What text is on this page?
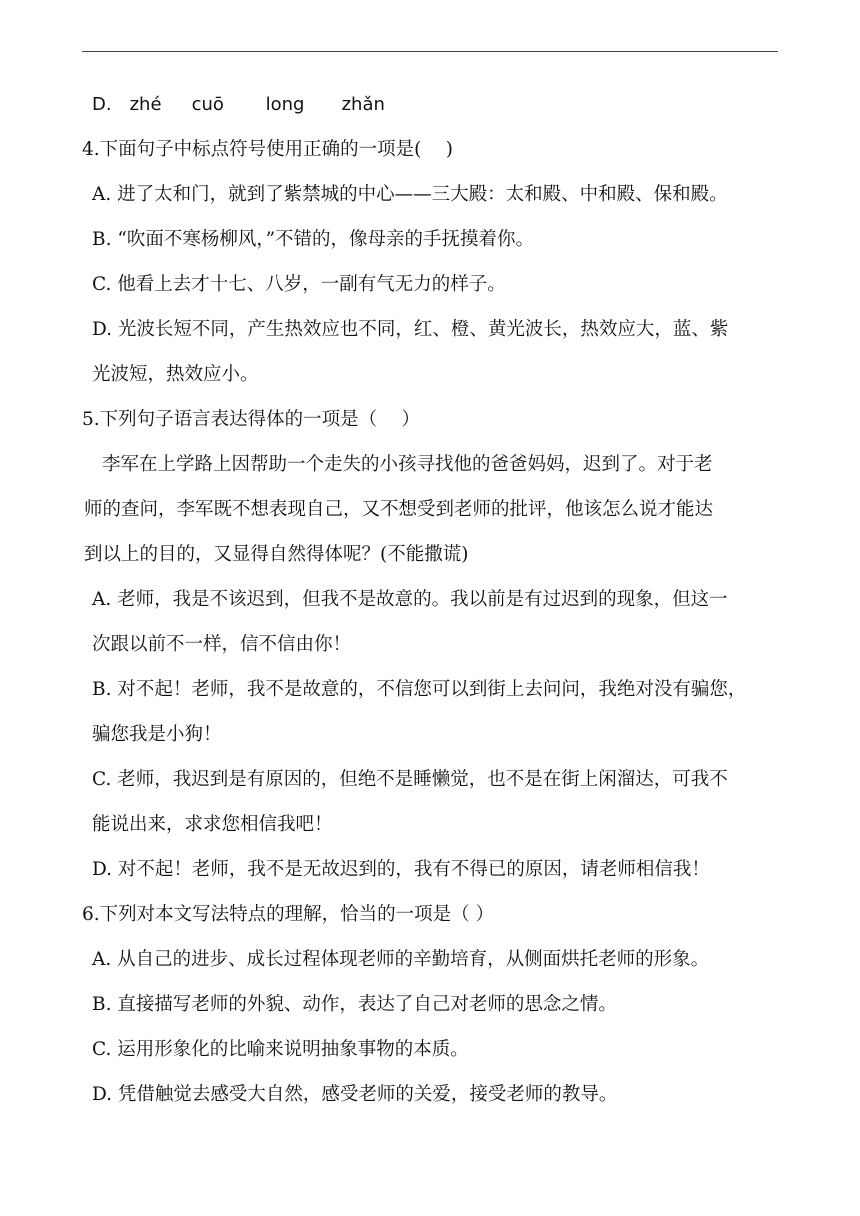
D. zhé	cuō	long	zhǎn
4.下面句子中标点符号使用正确的一项是(　 )
A. 进了太和门，就到了紫禁城的中心——三大殿：太和殿、中和殿、保和殿。
B. “吹面不寒杨柳风，”不错的，像母亲的手抚摸着你。
C. 他看上去才十七、八岁，一副有气无力的样子。
D. 光波长短不同，产生热效应也不同，红、橙、黄光波长，热效应大，蓝、紫
光波短，热效应小。
5.下列句子语言表达得体的一项是（　 ）
李军在上学路上因帮助一个走失的小孩寻找他的爸爸妈妈，迟到了。对于老
师的查问，李军既不想表现自己，又不想受到老师的批评，他该怎么说才能达
到以上的目的，又显得自然得体呢？(不能撒谎)
A. 老师，我是不该迟到，但我不是故意的。我以前是有过迟到的现象，但这一
次跟以前不一样，信不信由你！
B. 对不起！老师，我不是故意的，不信您可以到街上去问问，我绝对没有骗您，
骗您我是小狗！
C. 老师，我迟到是有原因的，但绝不是睡懒觉，也不是在街上闲溜达，可我不
能说出来，求求您相信我吧！
D. 对不起！老师，我不是无故迟到的，我有不得已的原因，请老师相信我！
6.下列对本文写法特点的理解，恰当的一项是（ ）
A. 从自己的进步、成长过程体现老师的辛勤培育，从侧面烘托老师的形象。
B. 直接描写老师的外貌、动作，表达了自己对老师的思念之情。
C. 运用形象化的比喻来说明抽象事物的本质。
D. 凭借触觉去感受大自然，感受老师的关爱，接受老师的教导。
